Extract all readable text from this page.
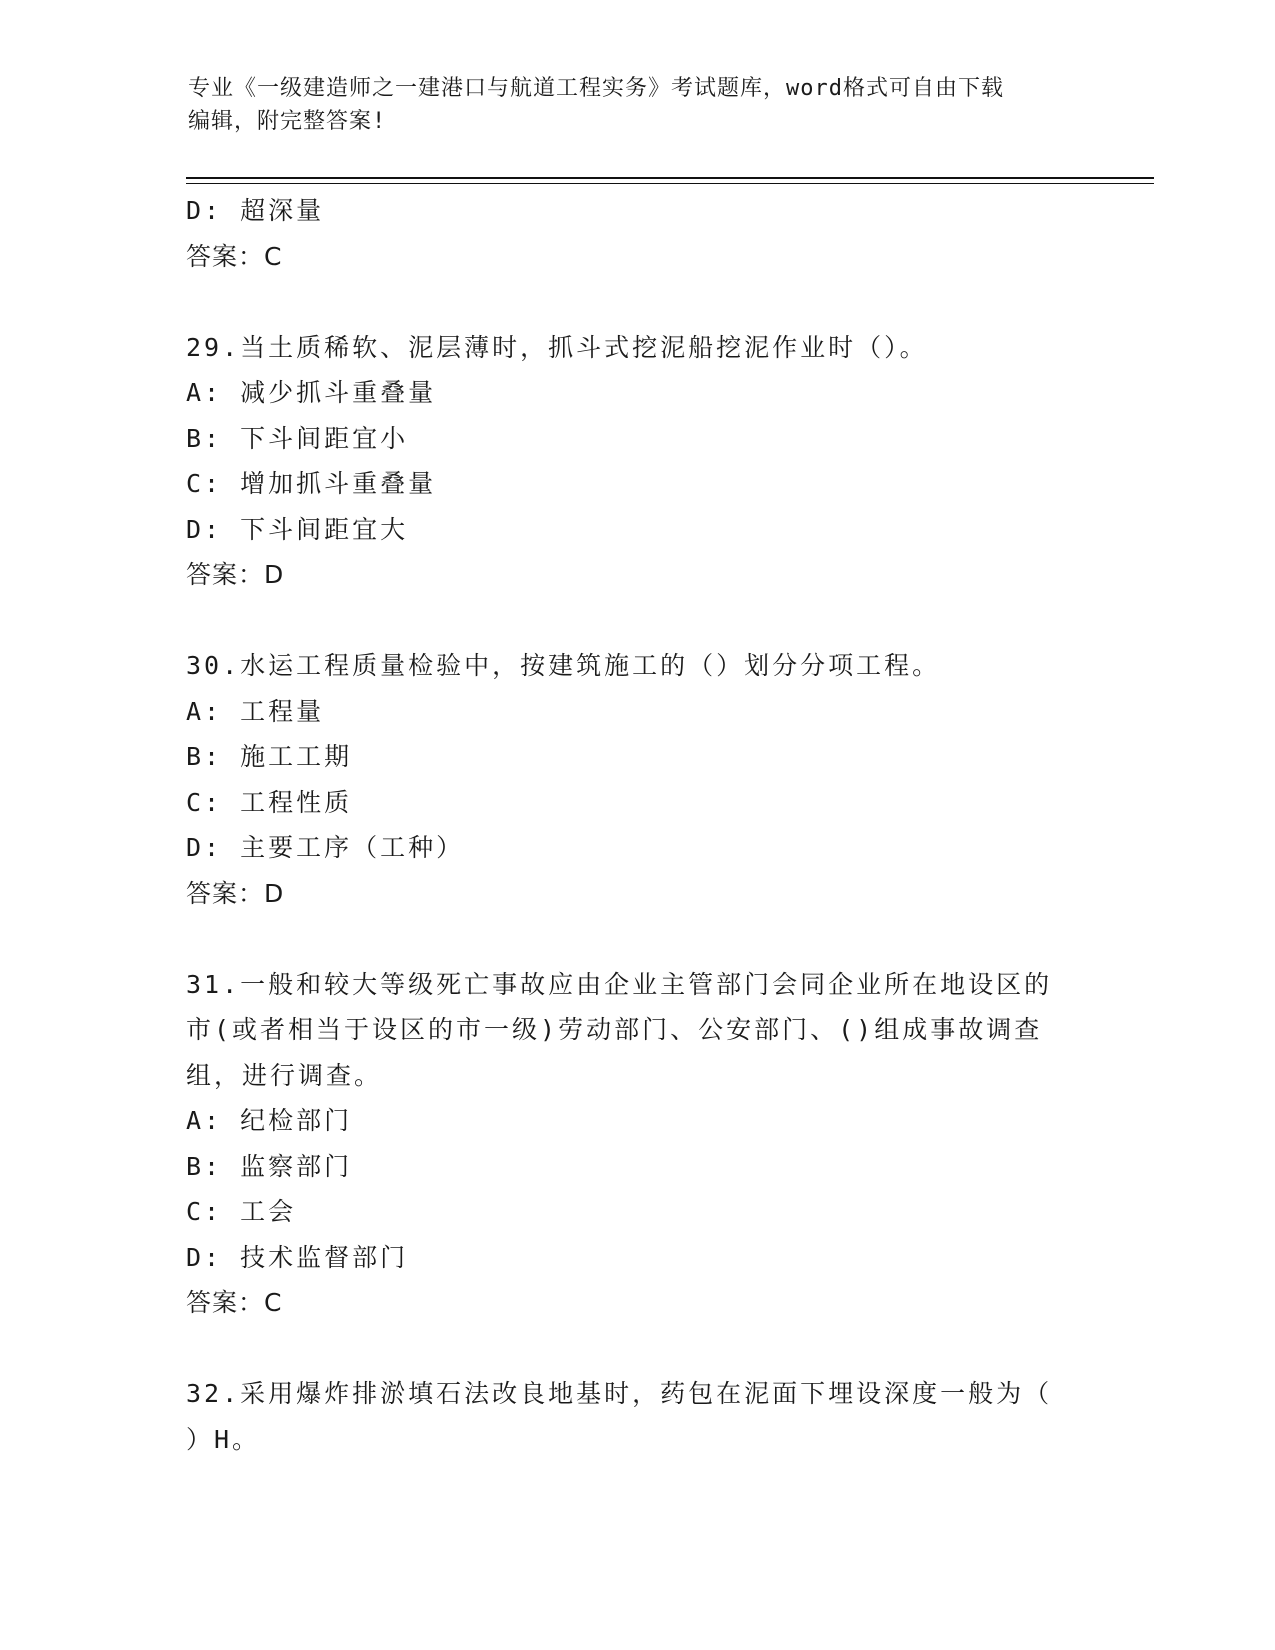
专业《一级建造师之一建港口与航道工程实务》考试题库，word格式可自由下载
编辑，附完整答案!
D: 超深量
答案：C
29.当土质稀软、泥层薄时，抓斗式挖泥船挖泥作业时（）。
A: 减少抓斗重叠量
B: 下斗间距宜小
C: 增加抓斗重叠量
D: 下斗间距宜大
答案：D
30.水运工程质量检验中，按建筑施工的（）划分分项工程。
A: 工程量
B: 施工工期
C: 工程性质
D: 主要工序（工种）
答案：D
31.一般和较大等级死亡事故应由企业主管部门会同企业所在地设区的
市(或者相当于设区的市一级)劳动部门、公安部门、()组成事故调查
组，进行调查。
A: 纪检部门
B: 监察部门
C: 工会
D: 技术监督部门
答案：C
32.采用爆炸排淤填石法改良地基时，药包在泥面下埋设深度一般为（
）H。
